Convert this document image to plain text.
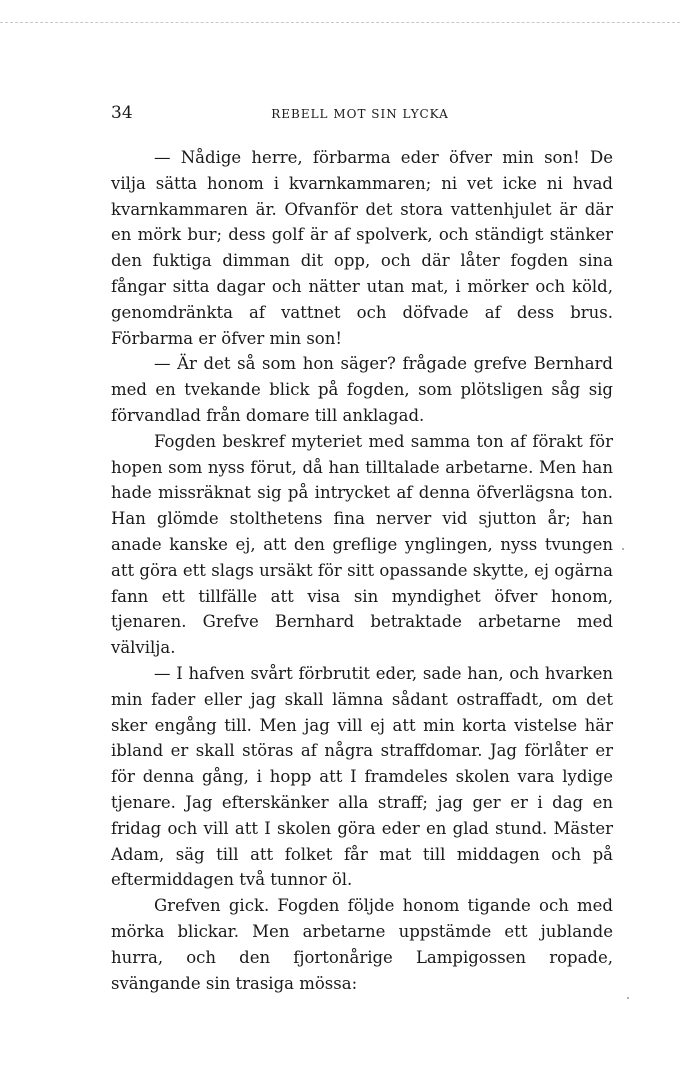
34	REBELL MOT SIN LYCKA

— Nådige herre, förbarma eder öfver min son! De vilja sätta honom i kvarnkammaren; ni vet icke ni hvad kvarnkammaren är. Ofvanför det stora vattenhjulet är där en mörk bur; dess golf är af spolverk, och ständigt stänker den fuktiga dimman dit opp, och där låter fogden sina fångar sitta dagar och nätter utan mat, i mörker och köld, genomdränkta af vattnet och döfvade af dess brus. Förbarma er öfver min son!

— Är det så som hon säger? frågade grefve Bernhard med en tvekande blick på fogden, som plötsligen såg sig förvandlad från domare till anklagad.

Fogden beskref myteriet med samma ton af förakt för hopen som nyss förut, då han tilltalade arbetarne. Men han hade missräknat sig på intrycket af denna öfverlägsna ton. Han glömde stolthetens fina nerver vid sjutton år; han anade kanske ej, att den greflige ynglingen, nyss tvungen att göra ett slags ursäkt för sitt opassande skytte, ej ogärna fann ett tillfälle att visa sin myndighet öfver honom, tjenaren. Grefve Bernhard betraktade arbetarne med välvilja.

— I hafven svårt förbrutit eder, sade han, och hvarken min fader eller jag skall lämna sådant ostraffadt, om det sker engång till. Men jag vill ej att min korta vistelse här ibland er skall störas af några straffdomar. Jag förlåter er för denna gång, i hopp att I framdeles skolen vara lydige tjenare. Jag efterskänker alla straff; jag ger er i dag en fridag och vill att I skolen göra eder en glad stund. Mäster Adam, säg till att folket får mat till middagen och på eftermiddagen två tunnor öl.

Grefven gick. Fogden följde honom tigande och med mörka blickar. Men arbetarne uppstämde ett jublande hurra, och den fjortonårige Lampigossen ropade, svängande sin trasiga mössa:
